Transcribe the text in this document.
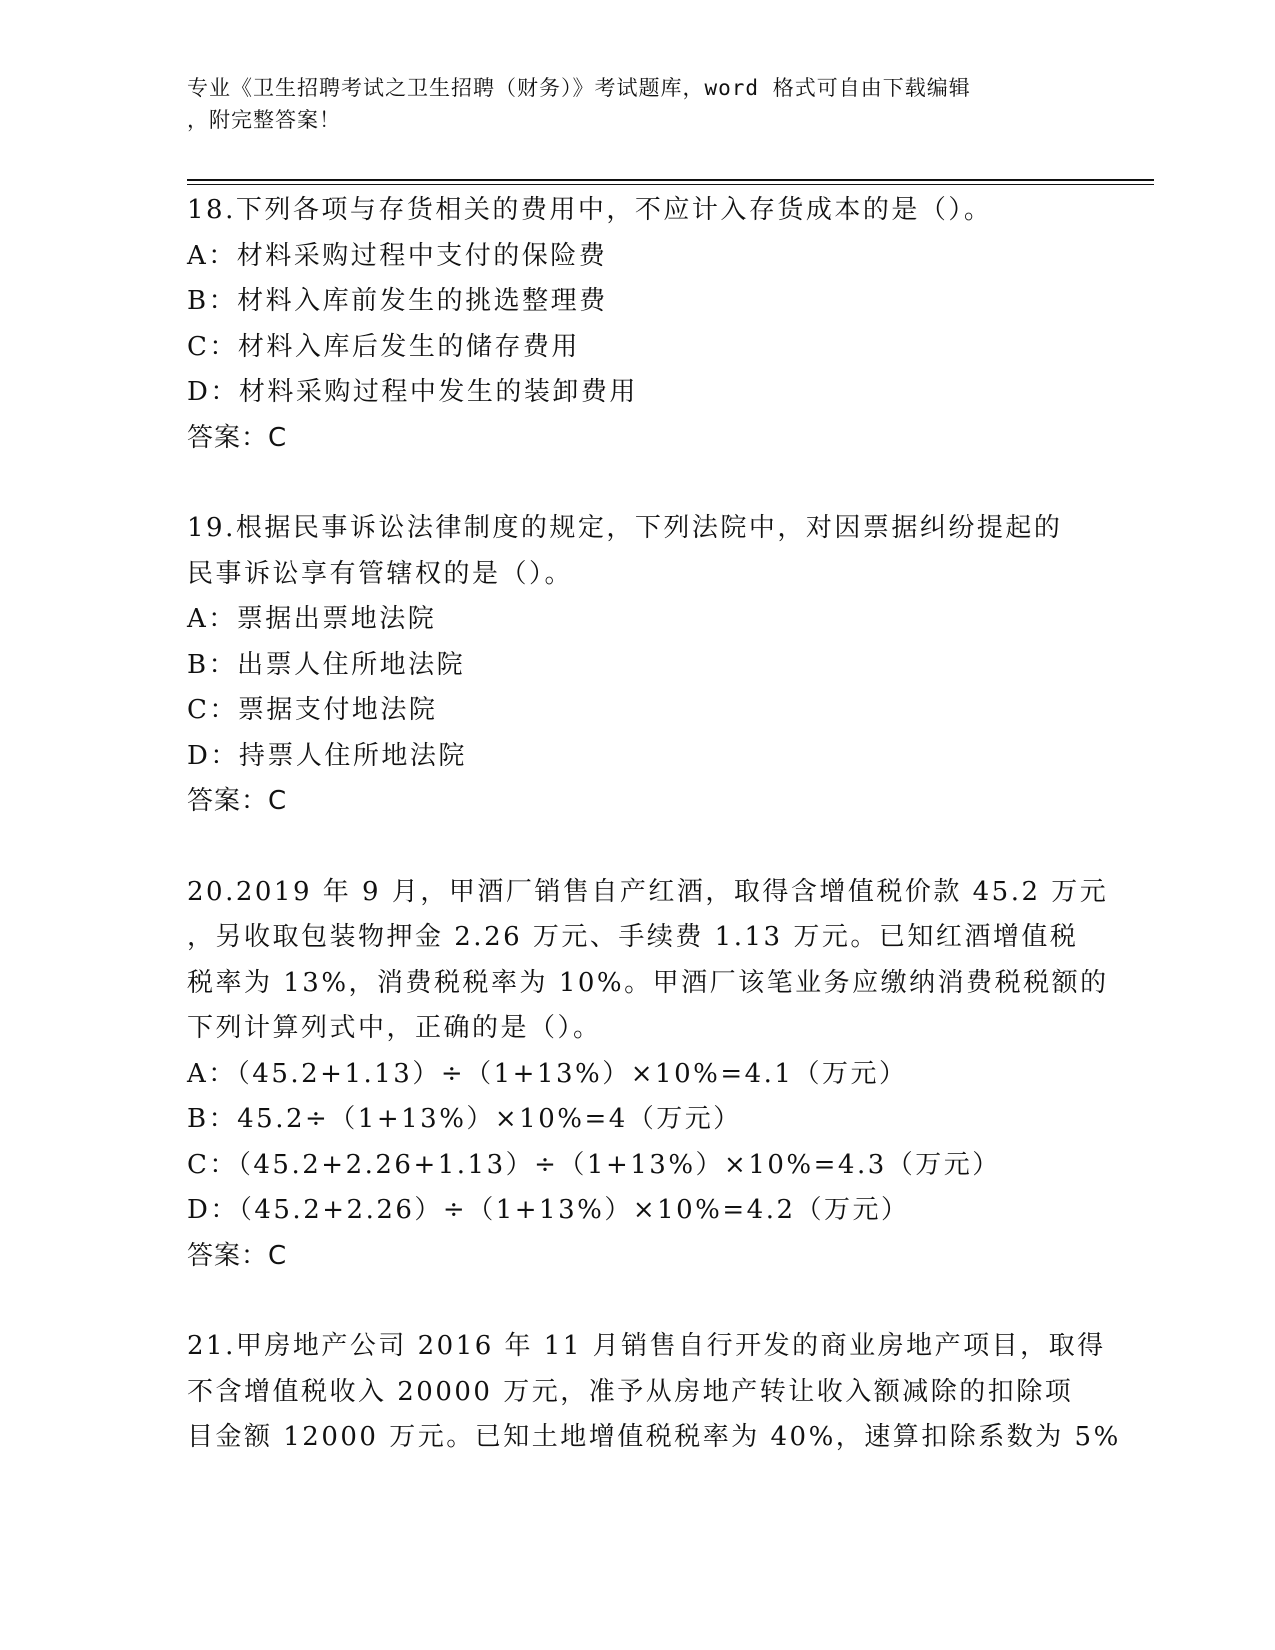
专业《卫生招聘考试之卫生招聘（财务）》考试题库，word 格式可自由下载编辑
，附完整答案！
18.下列各项与存货相关的费用中，不应计入存货成本的是（）。
A：材料采购过程中支付的保险费
B：材料入库前发生的挑选整理费
C：材料入库后发生的储存费用
D：材料采购过程中发生的装卸费用
答案：C
19.根据民事诉讼法律制度的规定，下列法院中，对因票据纠纷提起的
民事诉讼享有管辖权的是（）。
A：票据出票地法院
B：出票人住所地法院
C：票据支付地法院
D：持票人住所地法院
答案：C
20.2019 年 9 月，甲酒厂销售自产红酒，取得含增值税价款 45.2 万元
，另收取包装物押金 2.26 万元、手续费 1.13 万元。已知红酒增值税
税率为 13%，消费税税率为 10%。甲酒厂该笔业务应缴纳消费税税额的
下列计算列式中，正确的是（）。
A：（45.2+1.13）÷（1+13%）×10%=4.1（万元）
B：45.2÷（1+13%）×10%=4（万元）
C：（45.2+2.26+1.13）÷（1+13%）×10%=4.3（万元）
D：（45.2+2.26）÷（1+13%）×10%=4.2（万元）
答案：C
21.甲房地产公司 2016 年 11 月销售自行开发的商业房地产项目，取得
不含增值税收入 20000 万元，准予从房地产转让收入额减除的扣除项
目金额 12000 万元。已知土地增值税税率为 40%，速算扣除系数为 5%
